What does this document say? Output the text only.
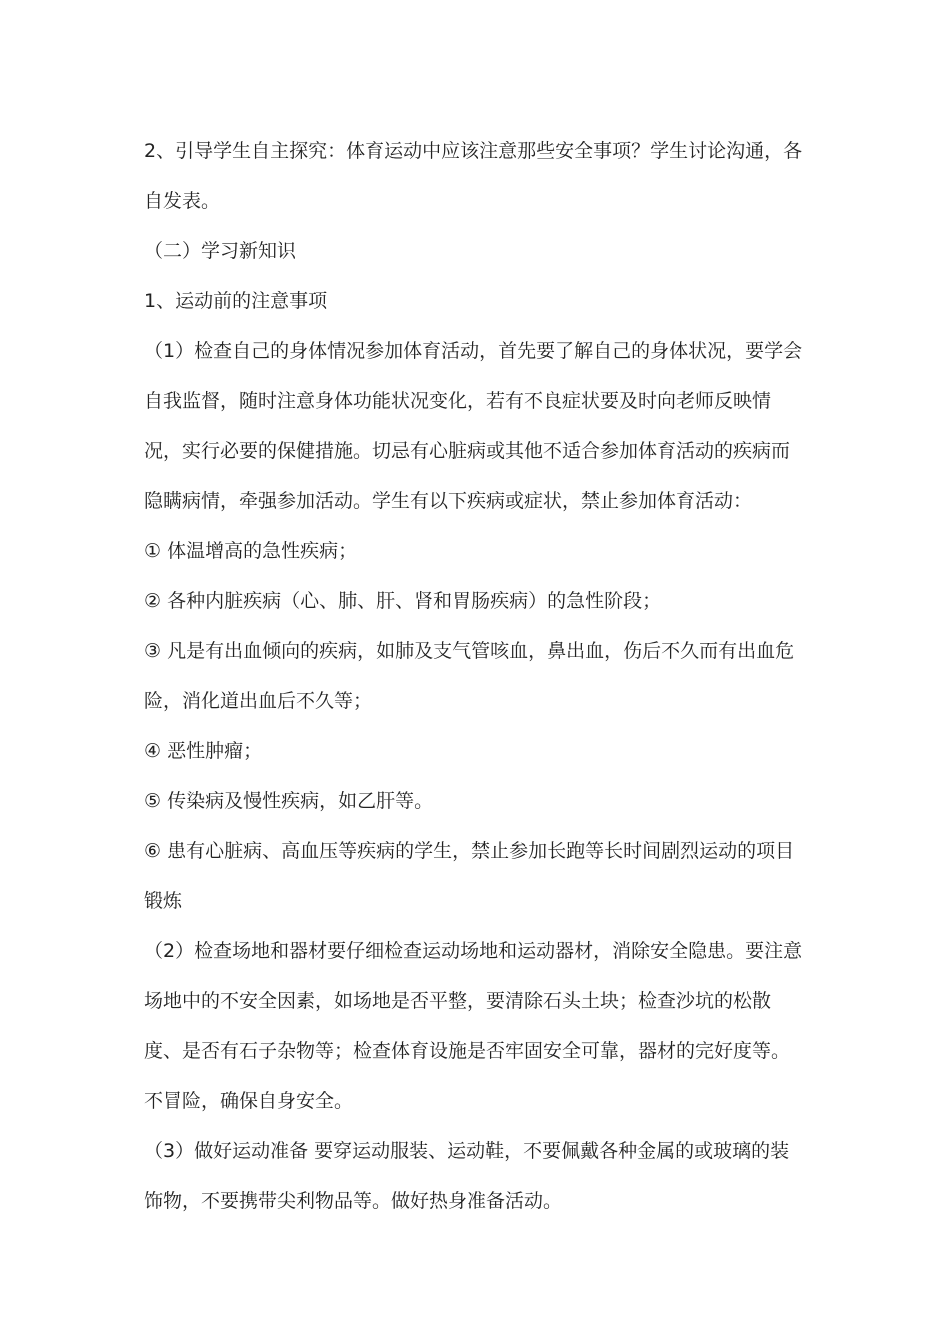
2、引导学生自主探究：体育运动中应该注意那些安全事项？学生讨论沟通，各自发表。

（二）学习新知识

1、运动前的注意事项

（1）检查自己的身体情况参加体育活动，首先要了解自己的身体状况，要学会自我监督，随时注意身体功能状况变化，若有不良症状要及时向老师反映情况，实行必要的保健措施。切忌有心脏病或其他不适合参加体育活动的疾病而隐瞒病情，牵强参加活动。学生有以下疾病或症状，禁止参加体育活动：

① 体温增高的急性疾病；

② 各种内脏疾病（心、肺、肝、肾和胃肠疾病）的急性阶段；

③ 凡是有出血倾向的疾病，如肺及支气管咳血，鼻出血，伤后不久而有出血危险，消化道出血后不久等；

④ 恶性肿瘤；

⑤ 传染病及慢性疾病，如乙肝等。

⑥ 患有心脏病、高血压等疾病的学生，禁止参加长跑等长时间剧烈运动的项目锻炼

（2）检查场地和器材要仔细检查运动场地和运动器材，消除安全隐患。要注意场地中的不安全因素，如场地是否平整，要清除石头土块；检查沙坑的松散度、是否有石子杂物等；检查体育设施是否牢固安全可靠，器材的完好度等。不冒险，确保自身安全。

（3）做好运动准备 要穿运动服装、运动鞋，不要佩戴各种金属的或玻璃的装饰物，不要携带尖利物品等。做好热身准备活动。
